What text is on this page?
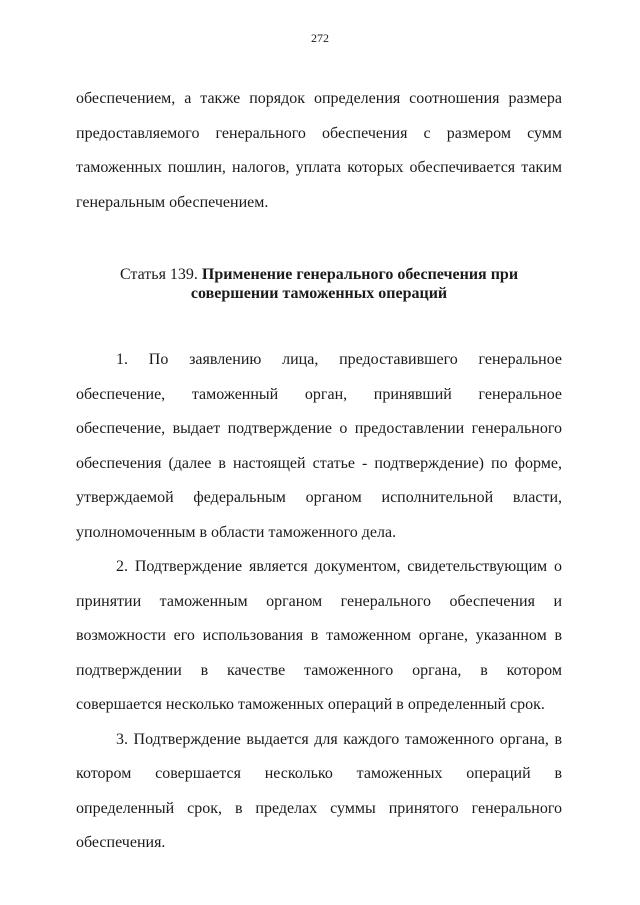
272

обеспечением, а также порядок определения соотношения размера предоставляемого генерального обеспечения с размером сумм таможенных пошлин, налогов, уплата которых обеспечивается таким генеральным обеспечением.

Статья 139. Применение генерального обеспечения при
совершении таможенных операций

1. По заявлению лица, предоставившего генеральное обеспечение, таможенный орган, принявший генеральное обеспечение, выдает подтверждение о предоставлении генерального обеспечения (далее в настоящей статье - подтверждение) по форме, утверждаемой федеральным органом исполнительной власти, уполномоченным в области таможенного дела.

2. Подтверждение является документом, свидетельствующим о принятии таможенным органом генерального обеспечения и возможности его использования в таможенном органе, указанном в подтверждении в качестве таможенного органа, в котором совершается несколько таможенных операций в определенный срок.

3. Подтверждение выдается для каждого таможенного органа, в котором совершается несколько таможенных операций в определенный срок, в пределах суммы принятого генерального обеспечения.
